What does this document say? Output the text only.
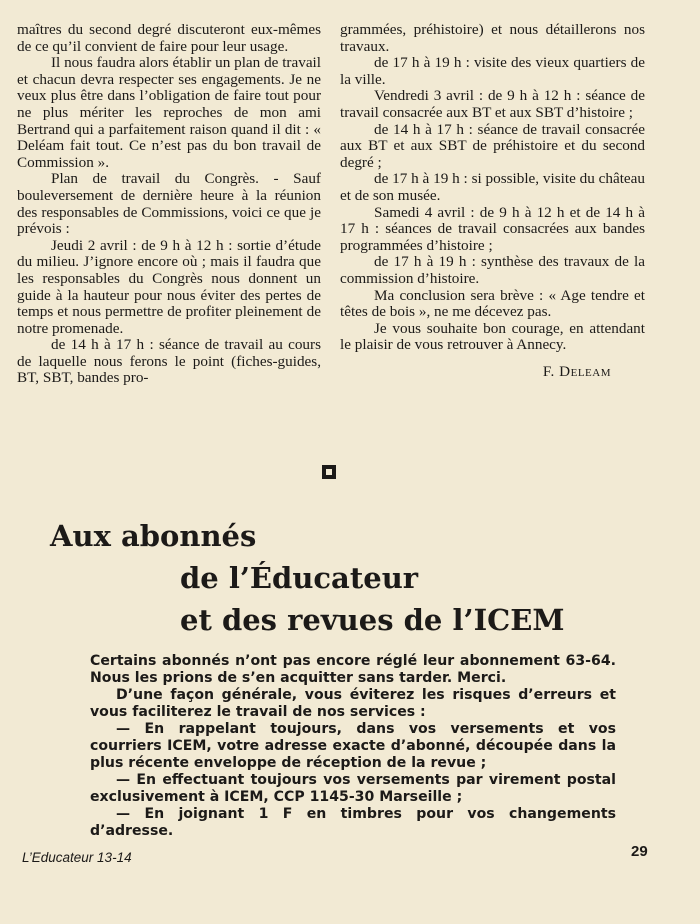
maîtres du second degré discuteront eux-mêmes de ce qu’il convient de faire pour leur usage.

Il nous faudra alors établir un plan de travail et chacun devra respecter ses engagements. Je ne veux plus être dans l’obligation de faire tout pour ne plus mériter les reproches de mon ami Bertrand qui a parfaitement raison quand il dit : « Deléam fait tout. Ce n’est pas du bon travail de Commission ».

Plan de travail du Congrès. - Sauf bouleversement de dernière heure à la réunion des responsables de Commissions, voici ce que je prévois :

Jeudi 2 avril : de 9 h à 12 h : sortie d’étude du milieu. J’ignore encore où ; mais il faudra que les responsables du Congrès nous donnent un guide à la hauteur pour nous éviter des pertes de temps et nous permettre de profiter pleinement de notre promenade.

de 14 h à 17 h : séance de travail au cours de laquelle nous ferons le point (fiches-guides, BT, SBT, bandes pro-

grammées, préhistoire) et nous détaillerons nos travaux.

de 17 h à 19 h : visite des vieux quartiers de la ville.

Vendredi 3 avril : de 9 h à 12 h : séance de travail consacrée aux BT et aux SBT d’histoire ;

de 14 h à 17 h : séance de travail consacrée aux BT et aux SBT de préhistoire et du second degré ;

de 17 h à 19 h : si possible, visite du château et de son musée.

Samedi 4 avril : de 9 h à 12 h et de 14 h à 17 h : séances de travail consacrées aux bandes programmées d’histoire ;

de 17 h à 19 h : synthèse des travaux de la commission d’histoire.

Ma conclusion sera brève : « Age tendre et têtes de bois », ne me décevez pas.

Je vous souhaite bon courage, en attendant le plaisir de vous retrouver à Annecy.

F. Deleam

Aux abonnés
de l’Éducateur
et des revues de l’ICEM

Certains abonnés n’ont pas encore réglé leur abonnement 63-64. Nous les prions de s’en acquitter sans tarder. Merci.

D’une façon générale, vous éviterez les risques d’erreurs et vous faciliterez le travail de nos services :

— En rappelant toujours, dans vos versements et vos courriers ICEM, votre adresse exacte d’abonné, découpée dans la plus récente enveloppe de réception de la revue ;

— En effectuant toujours vos versements par virement postal exclusivement à ICEM, CCP 1145-30 Marseille ;

— En joignant 1 F en timbres pour vos changements d’adresse.

L’Educateur 13-14	29
